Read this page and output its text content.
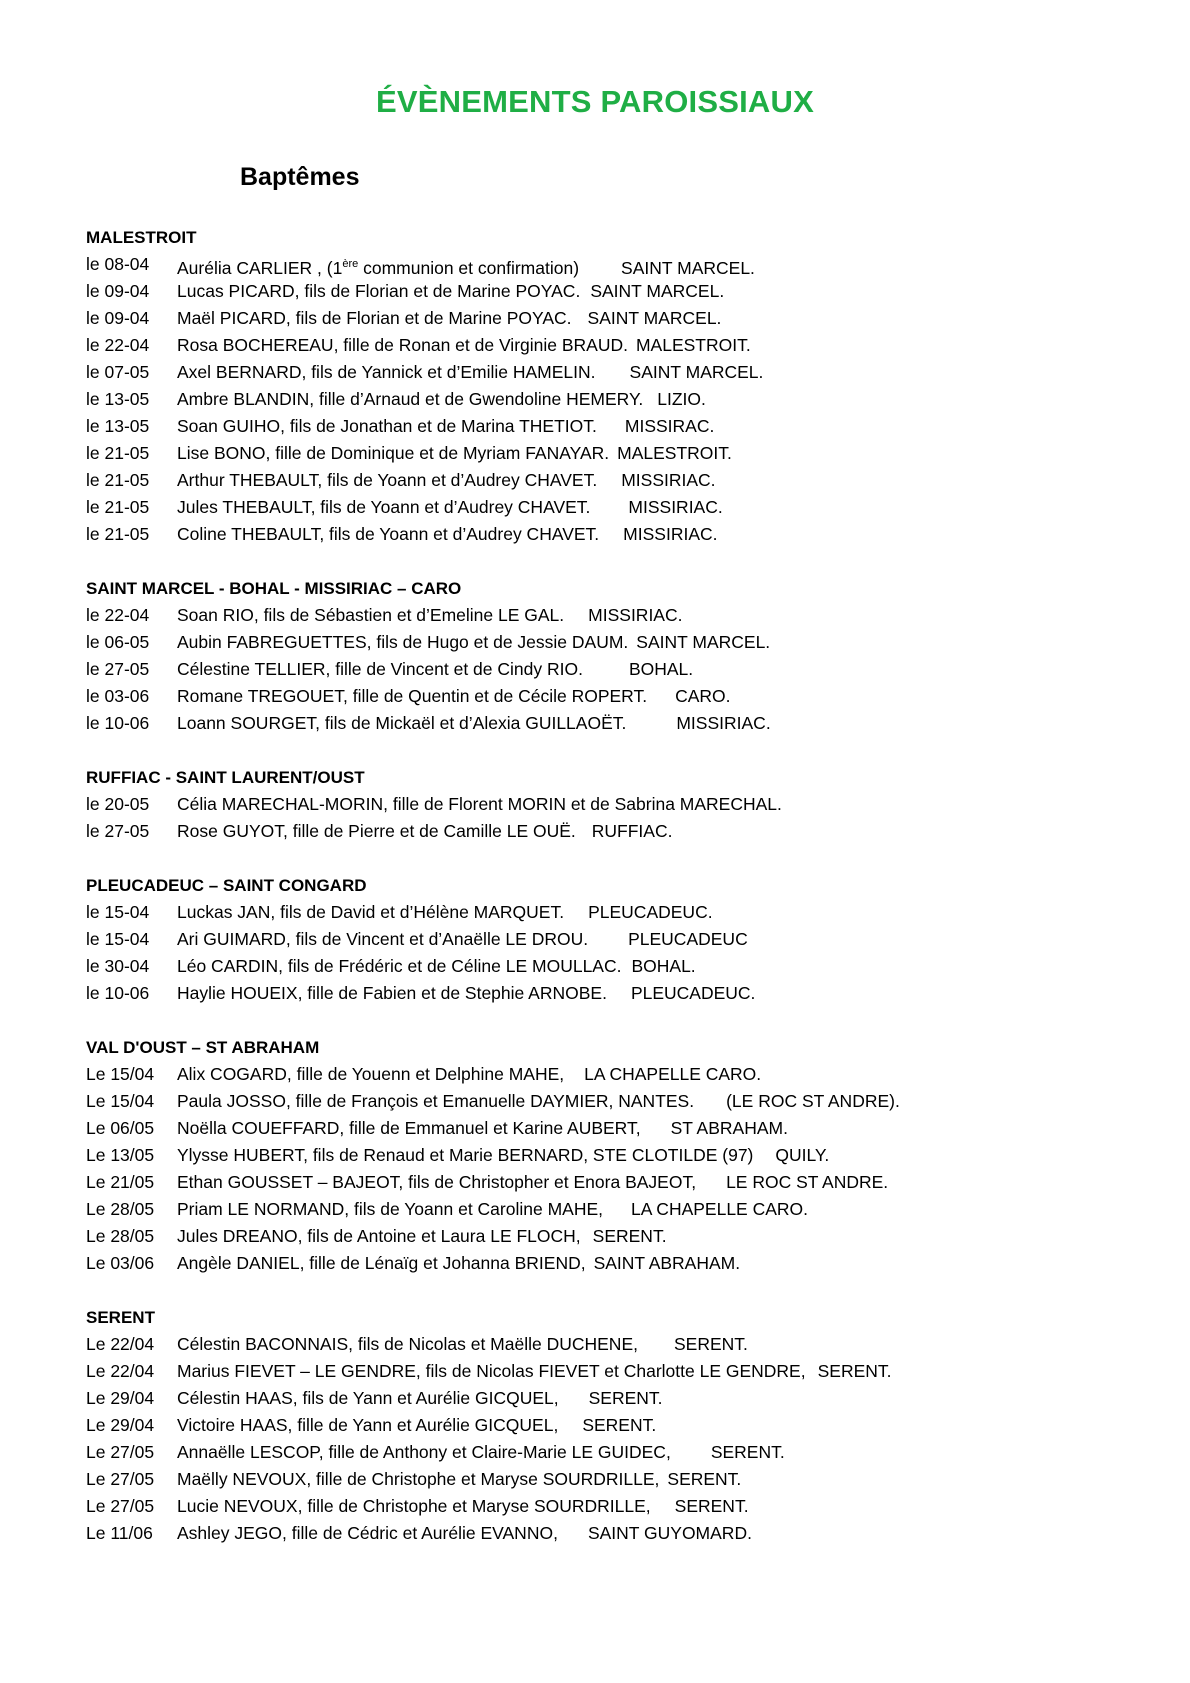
ÉVÈNEMENTS PAROISSIAUX
Baptêmes
MALESTROIT
le 08-04 Aurélia CARLIER , (1ère communion et confirmation) SAINT MARCEL.
le 09-04 Lucas PICARD, fils de Florian et de Marine POYAC. SAINT MARCEL.
le 09-04 Maël PICARD, fils de Florian et de Marine POYAC. SAINT MARCEL.
le 22-04 Rosa BOCHEREAU, fille de Ronan et de Virginie BRAUD. MALESTROIT.
le 07-05 Axel BERNARD, fils de Yannick et d’Emilie HAMELIN. SAINT MARCEL.
le 13-05 Ambre BLANDIN, fille d’Arnaud et de Gwendoline HEMERY. LIZIO.
le 13-05 Soan GUIHO, fils de Jonathan et de Marina THETIOT. MISSIRAC.
le 21-05 Lise BONO, fille de Dominique et de Myriam FANAYAR. MALESTROIT.
le 21-05 Arthur THEBAULT, fils de Yoann et d’Audrey CHAVET. MISSIRIAC.
le 21-05 Jules THEBAULT, fils de Yoann et d’Audrey CHAVET. MISSIRIAC.
le 21-05 Coline THEBAULT, fils de Yoann et d’Audrey CHAVET. MISSIRIAC.
SAINT MARCEL - BOHAL - MISSIRIAC – CARO
le 22-04 Soan RIO, fils de Sébastien et d’Emeline LE GAL. MISSIRIAC.
le 06-05 Aubin FABREGUETTES, fils de Hugo et de Jessie DAUM. SAINT MARCEL.
le 27-05 Célestine TELLIER, fille de Vincent et de Cindy RIO.	BOHAL.
le 03-06 Romane TREGOUET, fille de Quentin et de Cécile ROPERT. CARO.
le 10-06 Loann SOURGET, fils de Mickaël et d’Alexia GUILLAOËT.	MISSIRIAC.
RUFFIAC - SAINT LAURENT/OUST
le 20-05 Célia MARECHAL-MORIN, fille de Florent MORIN et de Sabrina MARECHAL.
le 27-05 Rose GUYOT, fille de Pierre et de Camille LE OUË. RUFFIAC.
PLEUCADEUC – SAINT CONGARD
le 15-04 Luckas JAN, fils de David et d’Hélène MARQUET. PLEUCADEUC.
le 15-04 Ari GUIMARD, fils de Vincent et d’Anaëlle LE DROU. PLEUCADEUC
le 30-04 Léo CARDIN, fils de Frédéric et de Céline LE MOULLAC. BOHAL.
le 10-06 Haylie HOUEIX, fille de Fabien et de Stephie ARNOBE. PLEUCADEUC.
VAL D'OUST – ST ABRAHAM
Le 15/04 Alix COGARD, fille de Youenn et Delphine MAHE, LA CHAPELLE CARO.
Le 15/04 Paula JOSSO, fille de François et Emanuelle DAYMIER, NANTES. (LE ROC ST ANDRE).
Le 06/05 Noëlla COUEFFARD, fille de Emmanuel et Karine AUBERT, ST ABRAHAM.
Le 13/05 Ylysse HUBERT, fils de Renaud et Marie BERNARD, STE CLOTILDE (97) QUILY.
Le 21/05 Ethan GOUSSET – BAJEOT, fils de Christopher et Enora BAJEOT, LE ROC ST ANDRE.
Le 28/05 Priam LE NORMAND, fils de Yoann et Caroline MAHE, LA CHAPELLE CARO.
Le 28/05 Jules DREANO, fils de Antoine et Laura LE FLOCH, SERENT.
Le 03/06 Angèle DANIEL, fille de Lénaïg et Johanna BRIEND, SAINT ABRAHAM.
SERENT
Le 22/04 Célestin BACONNAIS, fils de Nicolas et Maëlle DUCHENE, SERENT.
Le 22/04 Marius FIEVET – LE GENDRE, fils de Nicolas FIEVET et Charlotte LE GENDRE, SERENT.
Le 29/04 Célestin HAAS, fils de Yann et Aurélie GICQUEL, SERENT.
Le 29/04 Victoire HAAS, fille de Yann et Aurélie GICQUEL, SERENT.
Le 27/05 Annaëlle LESCOP, fille de Anthony et Claire-Marie LE GUIDEC, SERENT.
Le 27/05 Maëlly NEVOUX, fille de Christophe et Maryse SOURDRILLE, SERENT.
Le 27/05 Lucie NEVOUX, fille de Christophe et Maryse SOURDRILLE, SERENT.
Le 11/06 Ashley JEGO, fille de Cédric et Aurélie EVANNO, SAINT GUYOMARD.
